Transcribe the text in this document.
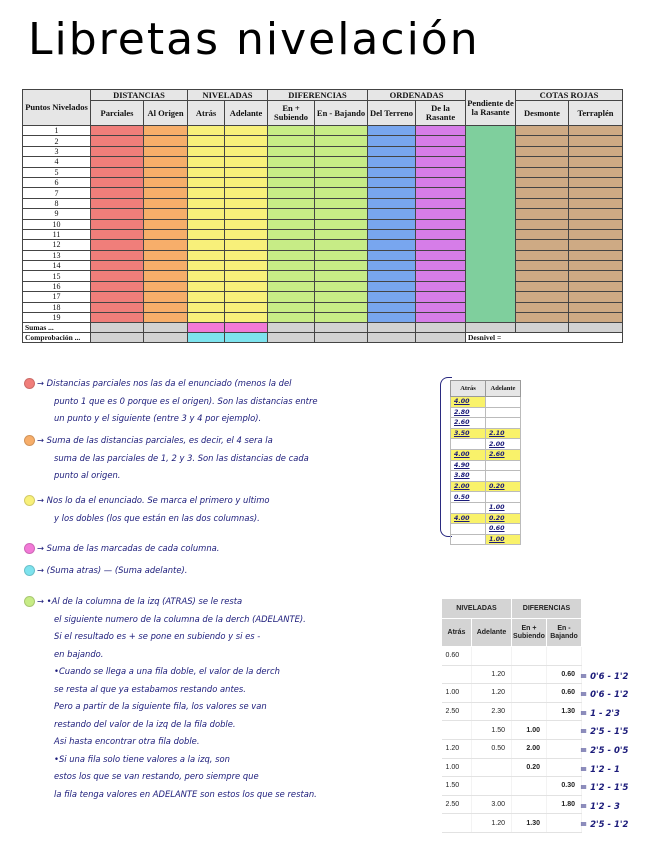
Libretas nivelación
Puntos Nivelados	DISTANCIAS		NIVELADAS		DIFERENCIAS		ORDENADAS		Pendiente de la Rasante	COTAS ROJAS	
	Parciales	Al Origen	Atrás	Adelante	En + Subiendo	En - Bajando	Del Terreno	De la Rasante		Desmonte	Terraplén
1											
2											
3											
4											
5											
6											
7											
8											
9											
10											
11											
12											
13											
14											
15											
16											
17											
18											
19											
Sumas ...											
Comprobación ...									Desnivel =		
→ Distancias parciales nos las da el enunciado (menos la del
punto 1 que es 0 porque es el origen). Son las distancias entre
un punto y el siguiente (entre 3 y 4 por ejemplo).
→ Suma de las distancias parciales, es decir, el 4 sera la
suma de las parciales de 1, 2 y 3. Son las distancias de cada
punto al origen.
→ Nos lo da el enunciado. Se marca el primero y ultimo
y los dobles (los que están en las dos columnas).
→ Suma de las marcadas de cada columna.
→ (Suma atras) — (Suma adelante).
→ •Al de la columna de la izq (ATRAS) se le resta
el siguiente numero de la columna de la derch (ADELANTE).
Si el resultado es + se pone en subiendo y si es -
en bajando.
•Cuando se llega a una fila doble, el valor de la derch
se resta al que ya estabamos restando antes.
Pero a partir de la siguiente fila, los valores se van
restando del valor de la izq de la fila doble.
Asi hasta encontrar otra fila doble.
•Si una fila solo tiene valores a la izq, son
estos los que se van restando, pero siempre que
la fila tenga valores en ADELANTE son estos los que se restan.
Atrás	Adelante
4.00	
2.80	
2.60	
3.50	2.10
	2.00
4.00	2.60
4.90	
3.80	
2.00	0.20
0.50	
	1.00
4.00	0.20
	0.60
	1.00
NIVELADAS		DIFERENCIAS	
Atrás	Adelante	En + Subiendo	En - Bajando
0.60			
	1.20		0.60
1.00	1.20		0.60
2.50	2.30		1.30
	1.50	1.00	
1.20	0.50	2.00	
1.00		0.20	
1.50			0.30
2.50	3.00		1.80
	1.20	1.30	
= 0'6 - 1'2
= 0'6 - 1'2
= 1 - 2'3
= 2'5 - 1'5
= 2'5 - 0'5
= 1'2 - 1
= 1'2 - 1'5
= 1'2 - 3
= 2'5 - 1'2
